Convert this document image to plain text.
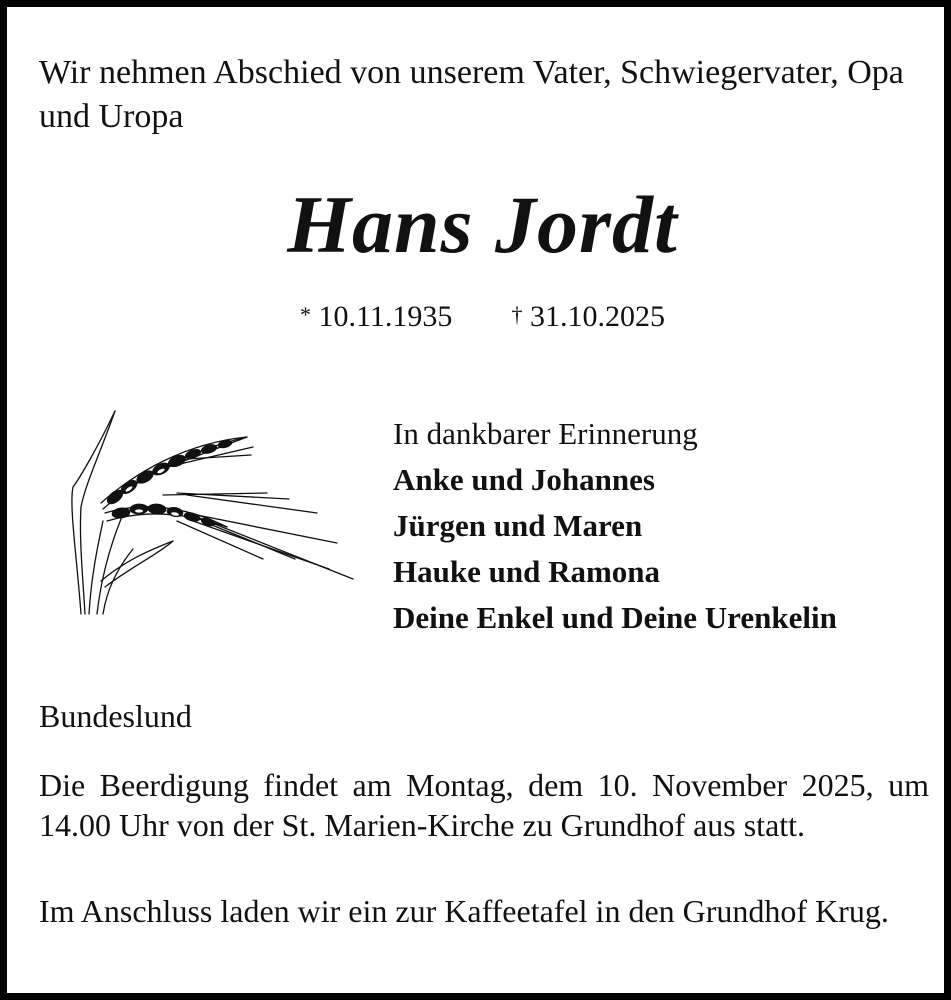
Wir nehmen Abschied von unserem Vater, Schwiegervater, Opa und Uropa

Hans Jordt
* 10.11.1935	† 31.10.2025
In dankbarer Erinnerung
Anke und Johannes
Jürgen und Maren
Hauke und Ramona
Deine Enkel und Deine Urenkelin
Bundeslund

Die Beerdigung findet am Montag, dem 10. November 2025, um 14.00 Uhr von der St. Marien-Kirche zu Grundhof aus statt.

Im Anschluss laden wir ein zur Kaffeetafel in den Grundhof Krug.
